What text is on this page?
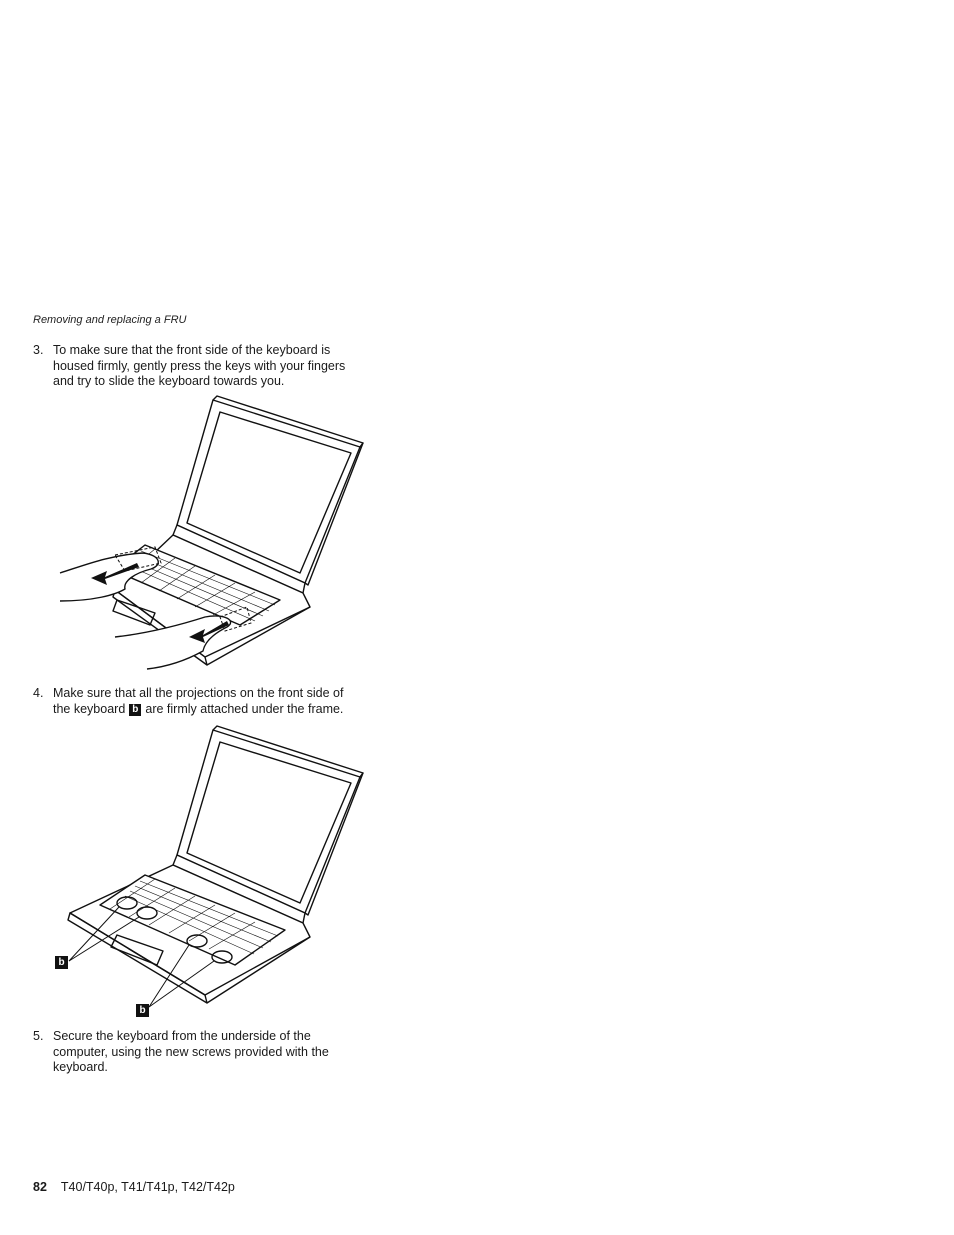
Removing and replacing a FRU
3. To make sure that the front side of the keyboard is housed firmly, gently press the keys with your fingers and try to slide the keyboard towards you.
4. Make sure that all the projections on the front side of the keyboard b are firmly attached under the frame.
b
b
5. Secure the keyboard from the underside of the computer, using the new screws provided with the keyboard.
82 T40/T40p, T41/T41p, T42/T42p
